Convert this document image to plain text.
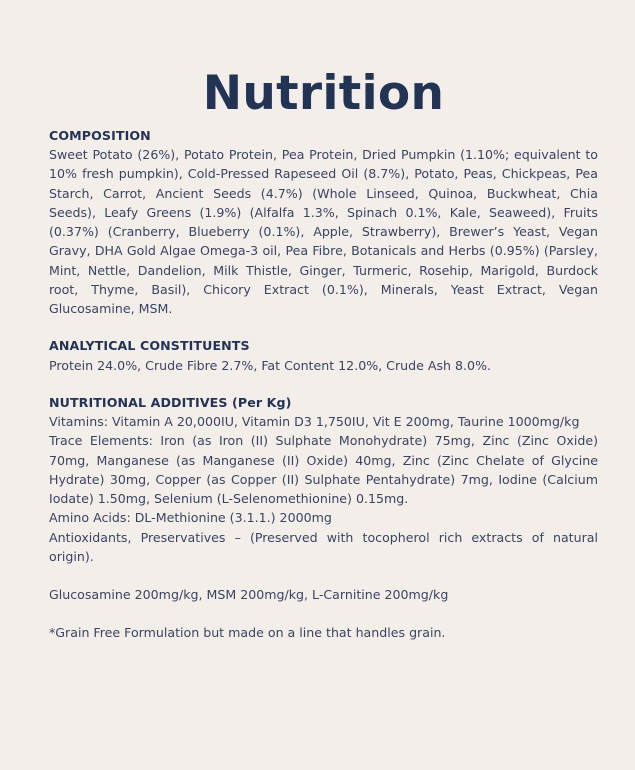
Nutrition

COMPOSITION

Sweet Potato (26%), Potato Protein, Pea Protein, Dried Pumpkin (1.10%; equivalent to 10% fresh pumpkin), Cold-Pressed Rapeseed Oil (8.7%), Potato, Peas, Chickpeas, Pea Starch, Carrot, Ancient Seeds (4.7%) (Whole Linseed, Quinoa, Buckwheat, Chia Seeds), Leafy Greens (1.9%) (Alfalfa 1.3%, Spinach 0.1%, Kale, Seaweed), Fruits (0.37%) (Cranberry, Blueberry (0.1%), Apple, Strawberry), Brewer’s Yeast, Vegan Gravy, DHA Gold Algae Omega-3 oil, Pea Fibre, Botanicals and Herbs (0.95%) (Parsley, Mint, Nettle, Dandelion, Milk Thistle, Ginger, Turmeric, Rosehip, Marigold, Burdock root, Thyme, Basil), Chicory Extract (0.1%), Minerals, Yeast Extract, Vegan Glucosamine, MSM.

ANALYTICAL CONSTITUENTS

Protein 24.0%, Crude Fibre 2.7%, Fat Content 12.0%, Crude Ash 8.0%.

NUTRITIONAL ADDITIVES (Per Kg)

Vitamins: Vitamin A 20,000IU, Vitamin D3 1,750IU, Vit E 200mg, Taurine 1000mg/kg

Trace Elements: Iron (as Iron (II) Sulphate Monohydrate) 75mg, Zinc (Zinc Oxide) 70mg, Manganese (as Manganese (II) Oxide) 40mg, Zinc (Zinc Chelate of Glycine Hydrate) 30mg, Copper (as Copper (II) Sulphate Pentahydrate) 7mg, Iodine (Calcium Iodate) 1.50mg, Selenium (L-Selenomethionine) 0.15mg.

Amino Acids: DL-Methionine (3.1.1.) 2000mg

Antioxidants, Preservatives – (Preserved with tocopherol rich extracts of natural origin).

Glucosamine 200mg/kg, MSM 200mg/kg, L-Carnitine 200mg/kg

*Grain Free Formulation but made on a line that handles grain.
